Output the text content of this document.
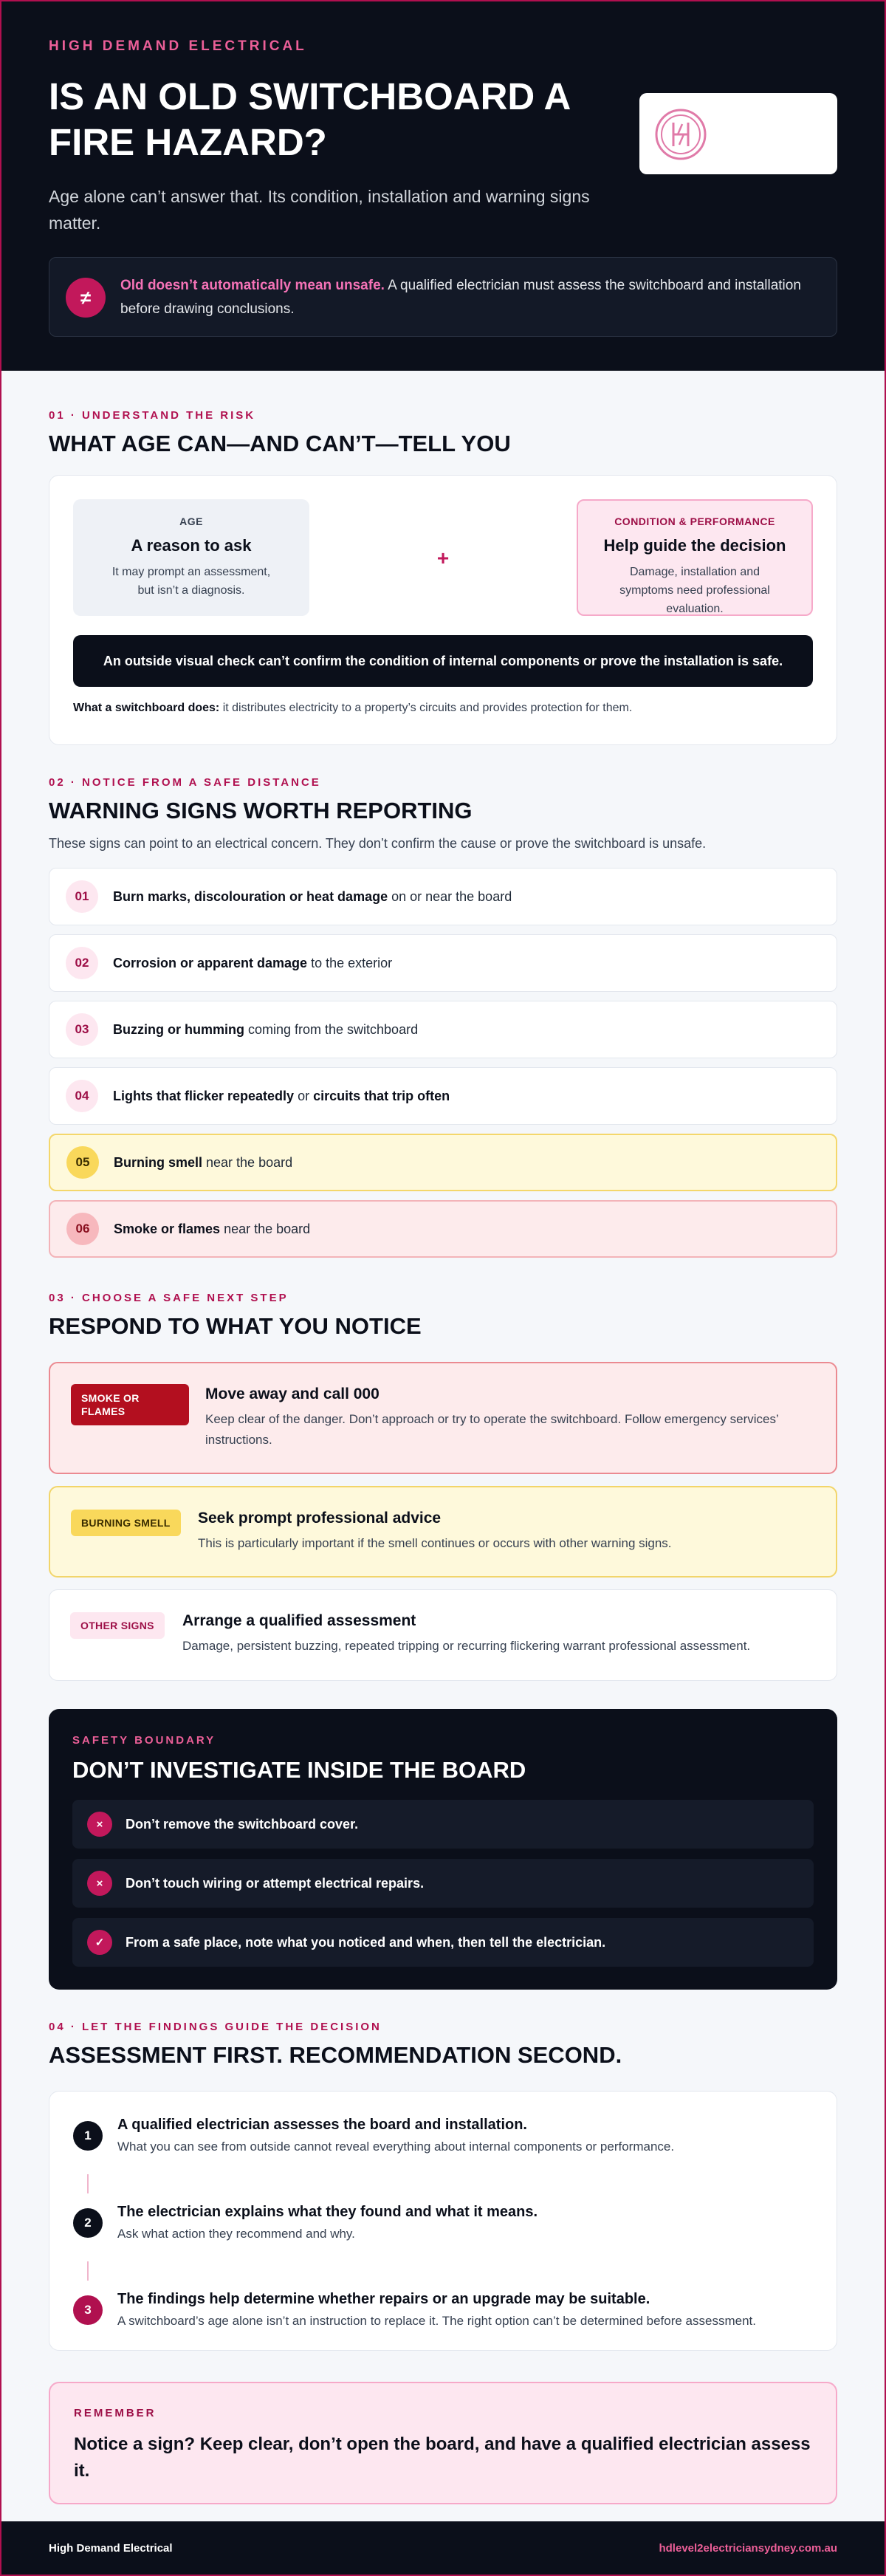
HIGH DEMAND ELECTRICAL
IS AN OLD SWITCHBOARD A FIRE HAZARD?

Age alone can’t answer that. Its condition, installation and warning signs matter.

≠

Old doesn’t automatically mean unsafe. A qualified electrician must assess the switchboard and installation before drawing conclusions.

01 · UNDERSTAND THE RISK
WHAT AGE CAN—AND CAN’T—TELL YOU
AGE
A reason to ask
It may prompt an assessment, but isn’t a diagnosis.
+
CONDITION & PERFORMANCE
Help guide the decision
Damage, installation and symptoms need professional evaluation.
An outside visual check can’t confirm the condition of internal components or prove the installation is safe.
What a switchboard does: it distributes electricity to a property’s circuits and provides protection for them.
02 · NOTICE FROM A SAFE DISTANCE
WARNING SIGNS WORTH REPORTING

These signs can point to an electrical concern. They don’t confirm the cause or prove the switchboard is unsafe.

01	Burn marks, discolouration or heat damage on or near the board
02	Corrosion or apparent damage to the exterior
03	Buzzing or humming coming from the switchboard
04	Lights that flicker repeatedly or circuits that trip often
05	Burning smell near the board
06	Smoke or flames near the board
03 · CHOOSE A SAFE NEXT STEP
RESPOND TO WHAT YOU NOTICE
SMOKE OR FLAMES
Move away and call 000
Keep clear of the danger. Don’t approach or try to operate the switchboard. Follow emergency services’ instructions.
BURNING SMELL	Seek prompt professional advice
This is particularly important if the smell continues or occurs with other warning signs.
OTHER SIGNS	Arrange a qualified assessment
Damage, persistent buzzing, repeated tripping or recurring flickering warrant professional assessment.
SAFETY BOUNDARY
DON’T INVESTIGATE INSIDE THE BOARD
×	Don’t remove the switchboard cover.
×	Don’t touch wiring or attempt electrical repairs.
✓	From a safe place, note what you noticed and when, then tell the electrician.
04 · LET THE FINDINGS GUIDE THE DECISION
ASSESSMENT FIRST. RECOMMENDATION SECOND.
1
A qualified electrician assesses the board and installation.
What you can see from outside cannot reveal everything about internal components or performance.
2
The electrician explains what they found and what it means.
Ask what action they recommend and why.
3
The findings help determine whether repairs or an upgrade may be suitable.
A switchboard’s age alone isn’t an instruction to replace it. The right option can’t be determined before assessment.
REMEMBER
Notice a sign? Keep clear, don’t open the board, and have a qualified electrician assess it.
High Demand Electrical	hdlevel2electriciansydney.com.au
